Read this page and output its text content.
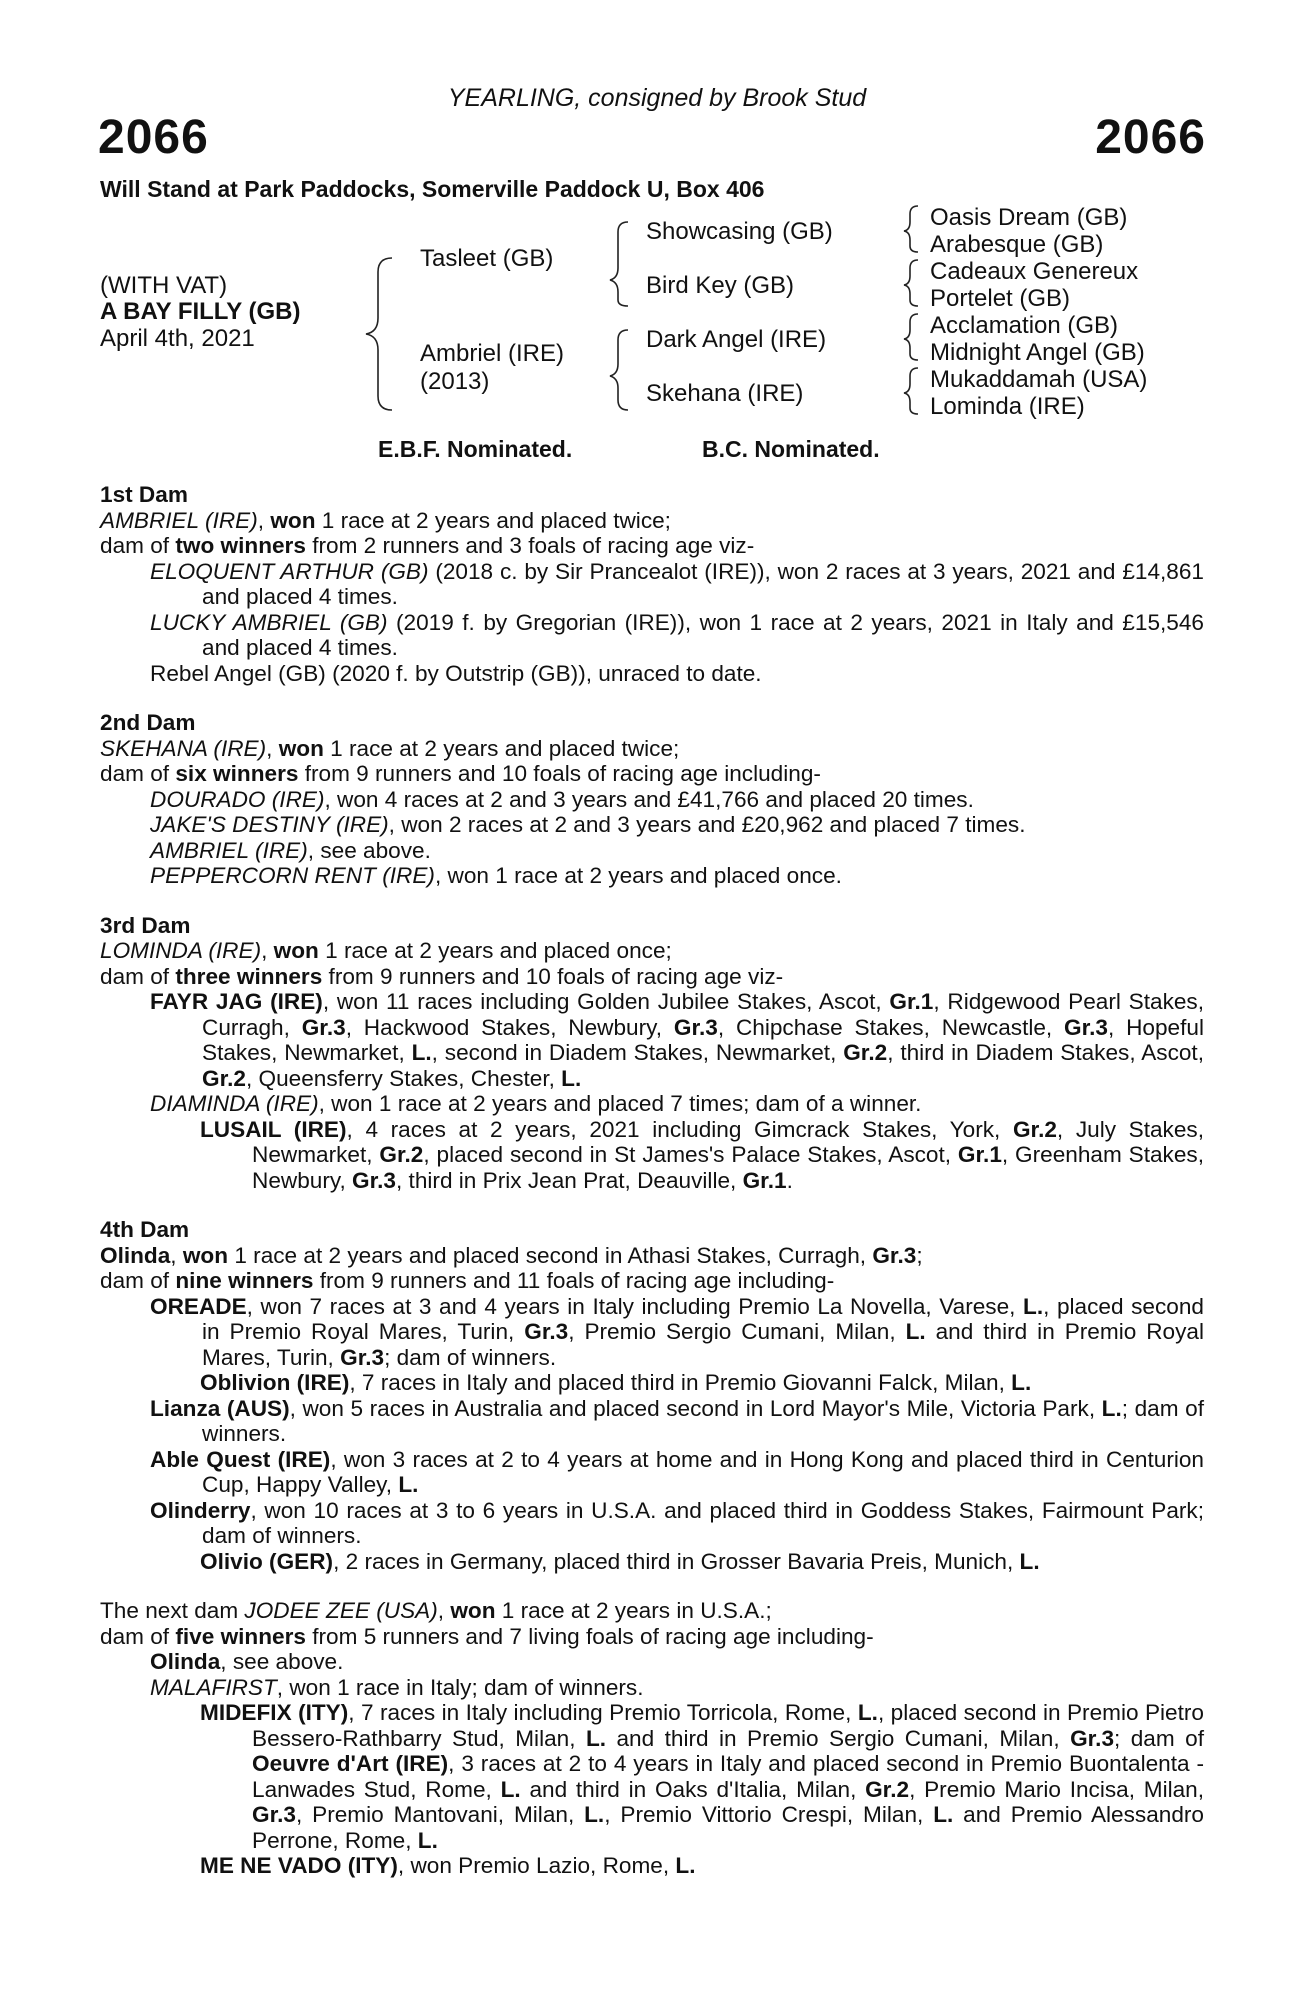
YEARLING, consigned by Brook Stud
2066	2066
Will Stand at Park Paddocks, Somerville Paddock U, Box 406
(WITH VAT)
A BAY FILLY (GB)
April 4th, 2021
Tasleet (GB)
Ambriel (IRE)
(2013)
Showcasing (GB)
Bird Key (GB)
Dark Angel (IRE)
Skehana (IRE)
Oasis Dream (GB)
Arabesque (GB)
Cadeaux Genereux
Portelet (GB)
Acclamation (GB)
Midnight Angel (GB)
Mukaddamah (USA)
Lominda (IRE)
E.B.F. Nominated.	B.C. Nominated.

1st Dam

AMBRIEL (IRE), won 1 race at 2 years and placed twice;

dam of two winners from 2 runners and 3 foals of racing age viz-

ELOQUENT ARTHUR (GB) (2018 c. by Sir Prancealot (IRE)), won 2 races at 3 years, 2021 and £14,861 and placed 4 times.

LUCKY AMBRIEL (GB) (2019 f. by Gregorian (IRE)), won 1 race at 2 years, 2021 in Italy and £15,546 and placed 4 times.

Rebel Angel (GB) (2020 f. by Outstrip (GB)), unraced to date.

2nd Dam

SKEHANA (IRE), won 1 race at 2 years and placed twice;

dam of six winners from 9 runners and 10 foals of racing age including-

DOURADO (IRE), won 4 races at 2 and 3 years and £41,766 and placed 20 times.

JAKE'S DESTINY (IRE), won 2 races at 2 and 3 years and £20,962 and placed 7 times.

AMBRIEL (IRE), see above.

PEPPERCORN RENT (IRE), won 1 race at 2 years and placed once.

3rd Dam

LOMINDA (IRE), won 1 race at 2 years and placed once;

dam of three winners from 9 runners and 10 foals of racing age viz-

FAYR JAG (IRE), won 11 races including Golden Jubilee Stakes, Ascot, Gr.1, Ridgewood Pearl Stakes, Curragh, Gr.3, Hackwood Stakes, Newbury, Gr.3, Chipchase Stakes, Newcastle, Gr.3, Hopeful Stakes, Newmarket, L., second in Diadem Stakes, Newmarket, Gr.2, third in Diadem Stakes, Ascot, Gr.2, Queensferry Stakes, Chester, L.

DIAMINDA (IRE), won 1 race at 2 years and placed 7 times; dam of a winner.

LUSAIL (IRE), 4 races at 2 years, 2021 including Gimcrack Stakes, York, Gr.2, July Stakes, Newmarket, Gr.2, placed second in St James's Palace Stakes, Ascot, Gr.1, Greenham Stakes, Newbury, Gr.3, third in Prix Jean Prat, Deauville, Gr.1.

4th Dam

Olinda, won 1 race at 2 years and placed second in Athasi Stakes, Curragh, Gr.3;

dam of nine winners from 9 runners and 11 foals of racing age including-

OREADE, won 7 races at 3 and 4 years in Italy including Premio La Novella, Varese, L., placed second in Premio Royal Mares, Turin, Gr.3, Premio Sergio Cumani, Milan, L. and third in Premio Royal Mares, Turin, Gr.3; dam of winners.

Oblivion (IRE), 7 races in Italy and placed third in Premio Giovanni Falck, Milan, L.

Lianza (AUS), won 5 races in Australia and placed second in Lord Mayor's Mile, Victoria Park, L.; dam of winners.

Able Quest (IRE), won 3 races at 2 to 4 years at home and in Hong Kong and placed third in Centurion Cup, Happy Valley, L.

Olinderry, won 10 races at 3 to 6 years in U.S.A. and placed third in Goddess Stakes, Fairmount Park; dam of winners.

Olivio (GER), 2 races in Germany, placed third in Grosser Bavaria Preis, Munich, L.

The next dam JODEE ZEE (USA), won 1 race at 2 years in U.S.A.;

dam of five winners from 5 runners and 7 living foals of racing age including-

Olinda, see above.

MALAFIRST, won 1 race in Italy; dam of winners.

MIDEFIX (ITY), 7 races in Italy including Premio Torricola, Rome, L., placed second in Premio Pietro Bessero-Rathbarry Stud, Milan, L. and third in Premio Sergio Cumani, Milan, Gr.3; dam of Oeuvre d'Art (IRE), 3 races at 2 to 4 years in Italy and placed second in Premio Buontalenta - Lanwades Stud, Rome, L. and third in Oaks d'Italia, Milan, Gr.2, Premio Mario Incisa, Milan, Gr.3, Premio Mantovani, Milan, L., Premio Vittorio Crespi, Milan, L. and Premio Alessandro Perrone, Rome, L.

ME NE VADO (ITY), won Premio Lazio, Rome, L.
